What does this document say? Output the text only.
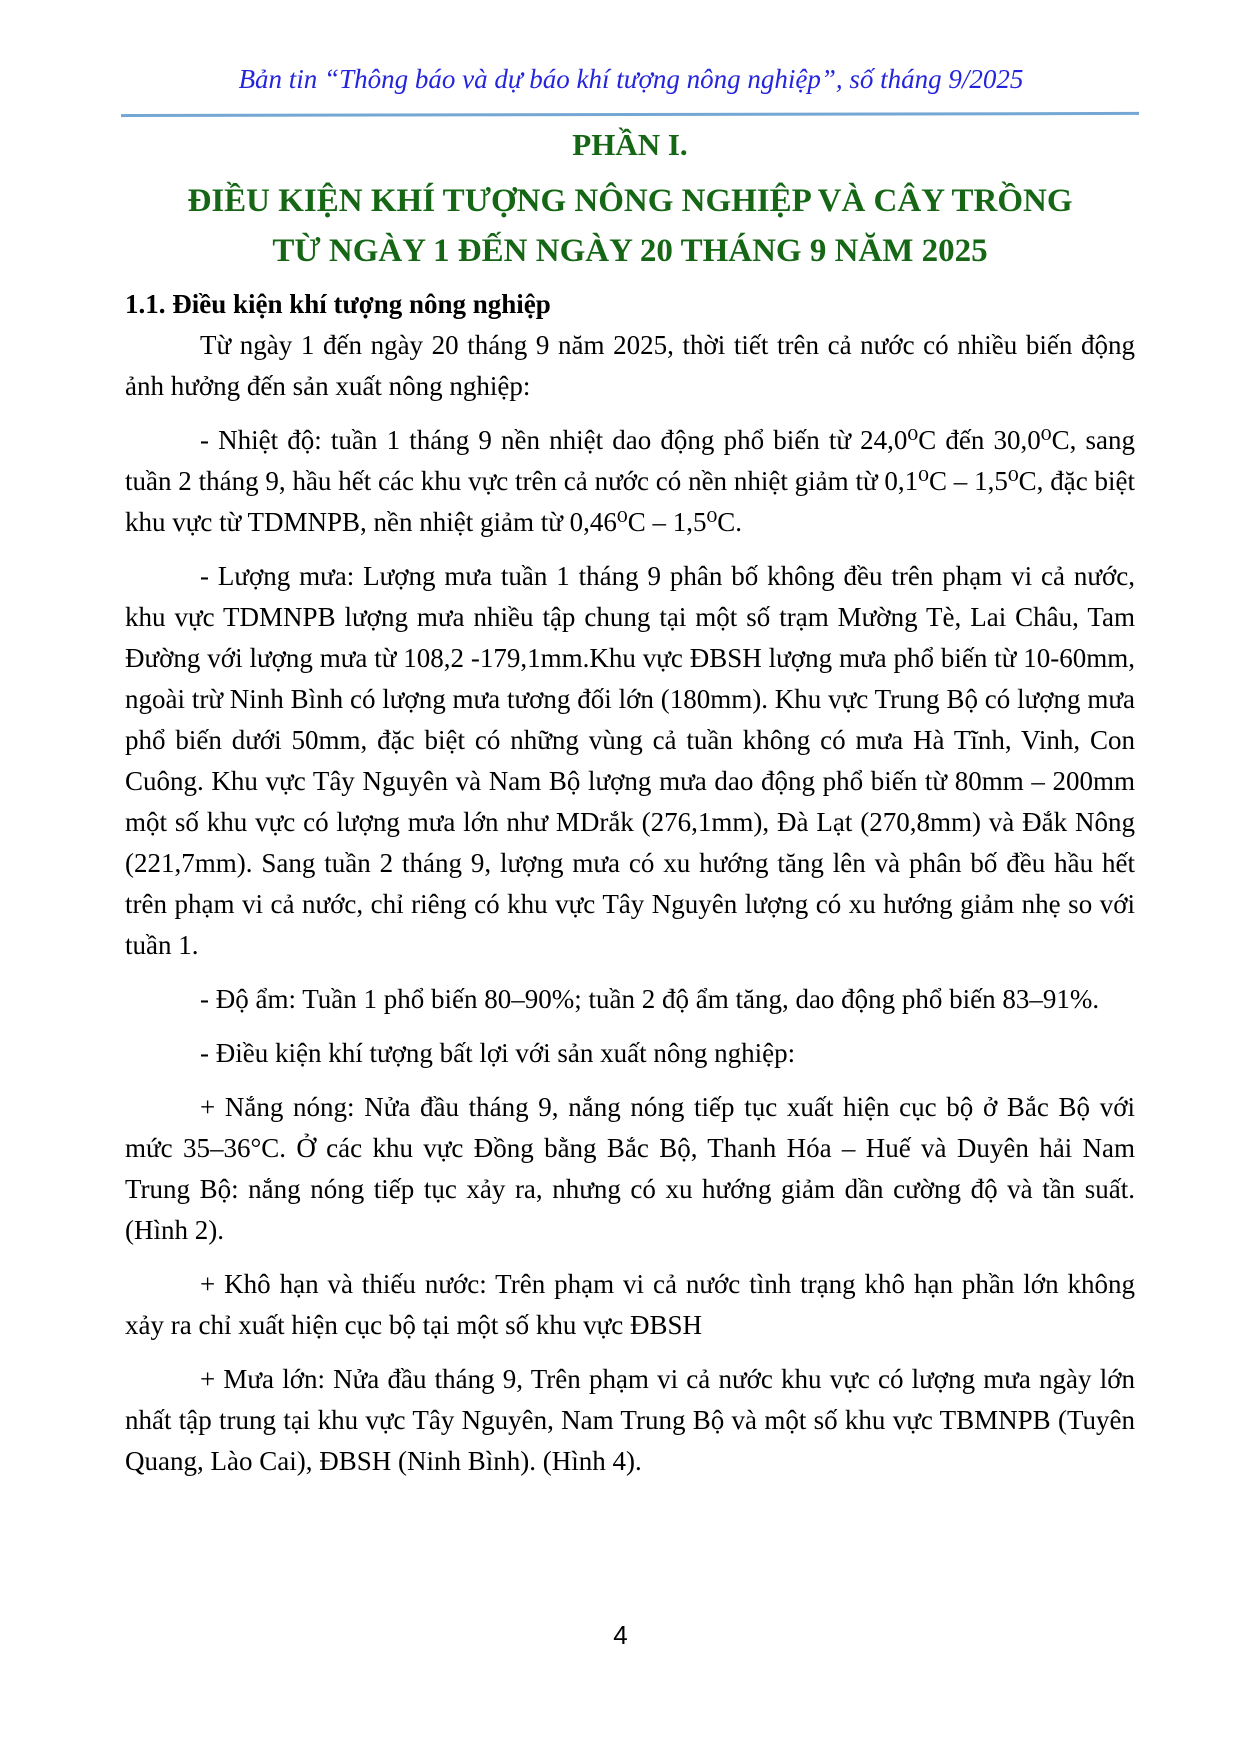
Bản tin “Thông báo và dự báo khí tượng nông nghiệp”, số tháng 9/2025

PHẦN I.

ĐIỀU KIỆN KHÍ TƯỢNG NÔNG NGHIỆP VÀ CÂY TRỒNG

TỪ NGÀY 1 ĐẾN NGÀY 20 THÁNG 9 NĂM 2025

1.1. Điều kiện khí tượng nông nghiệp

Từ ngày 1 đến ngày 20 tháng 9 năm 2025, thời tiết trên cả nước có nhiều biến động ảnh hưởng đến sản xuất nông nghiệp:

- Nhiệt độ: tuần 1 tháng 9 nền nhiệt dao động phổ biến từ 24,0⁰C đến 30,0⁰C, sang tuần 2 tháng 9, hầu hết các khu vực trên cả nước có nền nhiệt giảm từ 0,1⁰C – 1,5⁰C, đặc biệt khu vực từ TDMNPB, nền nhiệt giảm từ 0,46⁰C – 1,5⁰C.

- Lượng mưa: Lượng mưa tuần 1 tháng 9 phân bố không đều trên phạm vi cả nước, khu vực TDMNPB lượng mưa nhiều tập chung tại một số trạm Mường Tè, Lai Châu, Tam Đường với lượng mưa từ 108,2 -179,1mm.Khu vực ĐBSH lượng mưa phổ biến từ 10-60mm, ngoài trừ Ninh Bình có lượng mưa tương đối lớn (180mm). Khu vực Trung Bộ có lượng mưa phổ biến dưới 50mm, đặc biệt có những vùng cả tuần không có mưa Hà Tĩnh, Vinh, Con Cuông. Khu vực Tây Nguyên và Nam Bộ lượng mưa dao động phổ biến từ 80mm – 200mm một số khu vực có lượng mưa lớn như MDrắk (276,1mm), Đà Lạt (270,8mm) và Đắk Nông (221,7mm). Sang tuần 2 tháng 9, lượng mưa có xu hướng tăng lên và phân bố đều hầu hết trên phạm vi cả nước, chỉ riêng có khu vực Tây Nguyên lượng có xu hướng giảm nhẹ so với tuần 1.

- Độ ẩm: Tuần 1 phổ biến 80–90%; tuần 2 độ ẩm tăng, dao động phổ biến 83–91%.

- Điều kiện khí tượng bất lợi với sản xuất nông nghiệp:

+ Nắng nóng: Nửa đầu tháng 9, nắng nóng tiếp tục xuất hiện cục bộ ở Bắc Bộ với mức 35–36°C. Ở các khu vực Đồng bằng Bắc Bộ, Thanh Hóa – Huế và Duyên hải Nam Trung Bộ: nắng nóng tiếp tục xảy ra, nhưng có xu hướng giảm dần cường độ và tần suất. (Hình 2).

+ Khô hạn và thiếu nước: Trên phạm vi cả nước tình trạng khô hạn phần lớn không xảy ra chỉ xuất hiện cục bộ tại một số khu vực ĐBSH

+ Mưa lớn: Nửa đầu tháng 9, Trên phạm vi cả nước khu vực có lượng mưa ngày lớn nhất tập trung tại khu vực Tây Nguyên, Nam Trung Bộ và một số khu vực TBMNPB (Tuyên Quang, Lào Cai), ĐBSH (Ninh Bình). (Hình 4).

4
